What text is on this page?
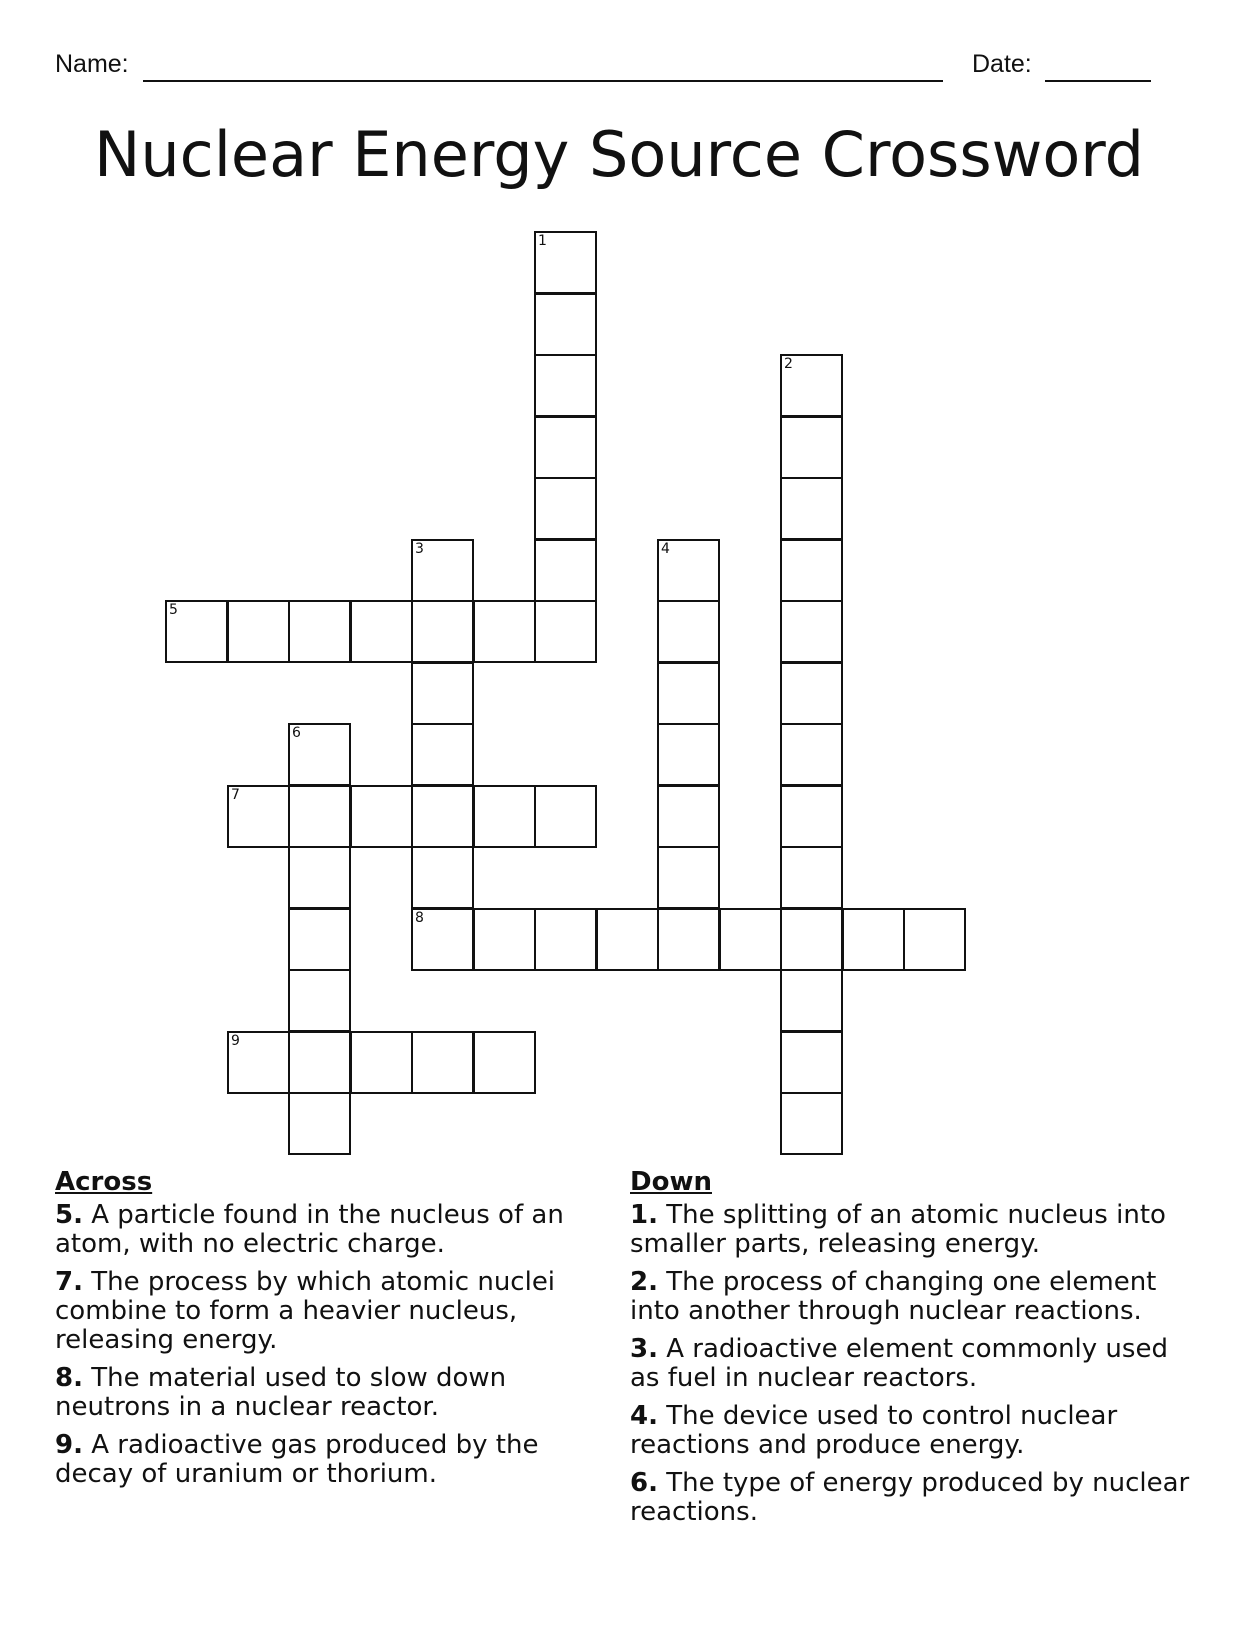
Name:	Date:
Nuclear Energy Source Crossword
1
2
3
8
4
5
6
7
9
Across
5. A particle found in the nucleus of an atom, with no electric charge.
7. The process by which atomic nuclei combine to form a heavier nucleus, releasing energy.
8. The material used to slow down neutrons in a nuclear reactor.
9. A radioactive gas produced by the decay of uranium or thorium.
Down
1. The splitting of an atomic nucleus into smaller parts, releasing energy.
2. The process of changing one element into another through nuclear reactions.
3. A radioactive element commonly used as fuel in nuclear reactors.
4. The device used to control nuclear reactions and produce energy.
6. The type of energy produced by nuclear reactions.
